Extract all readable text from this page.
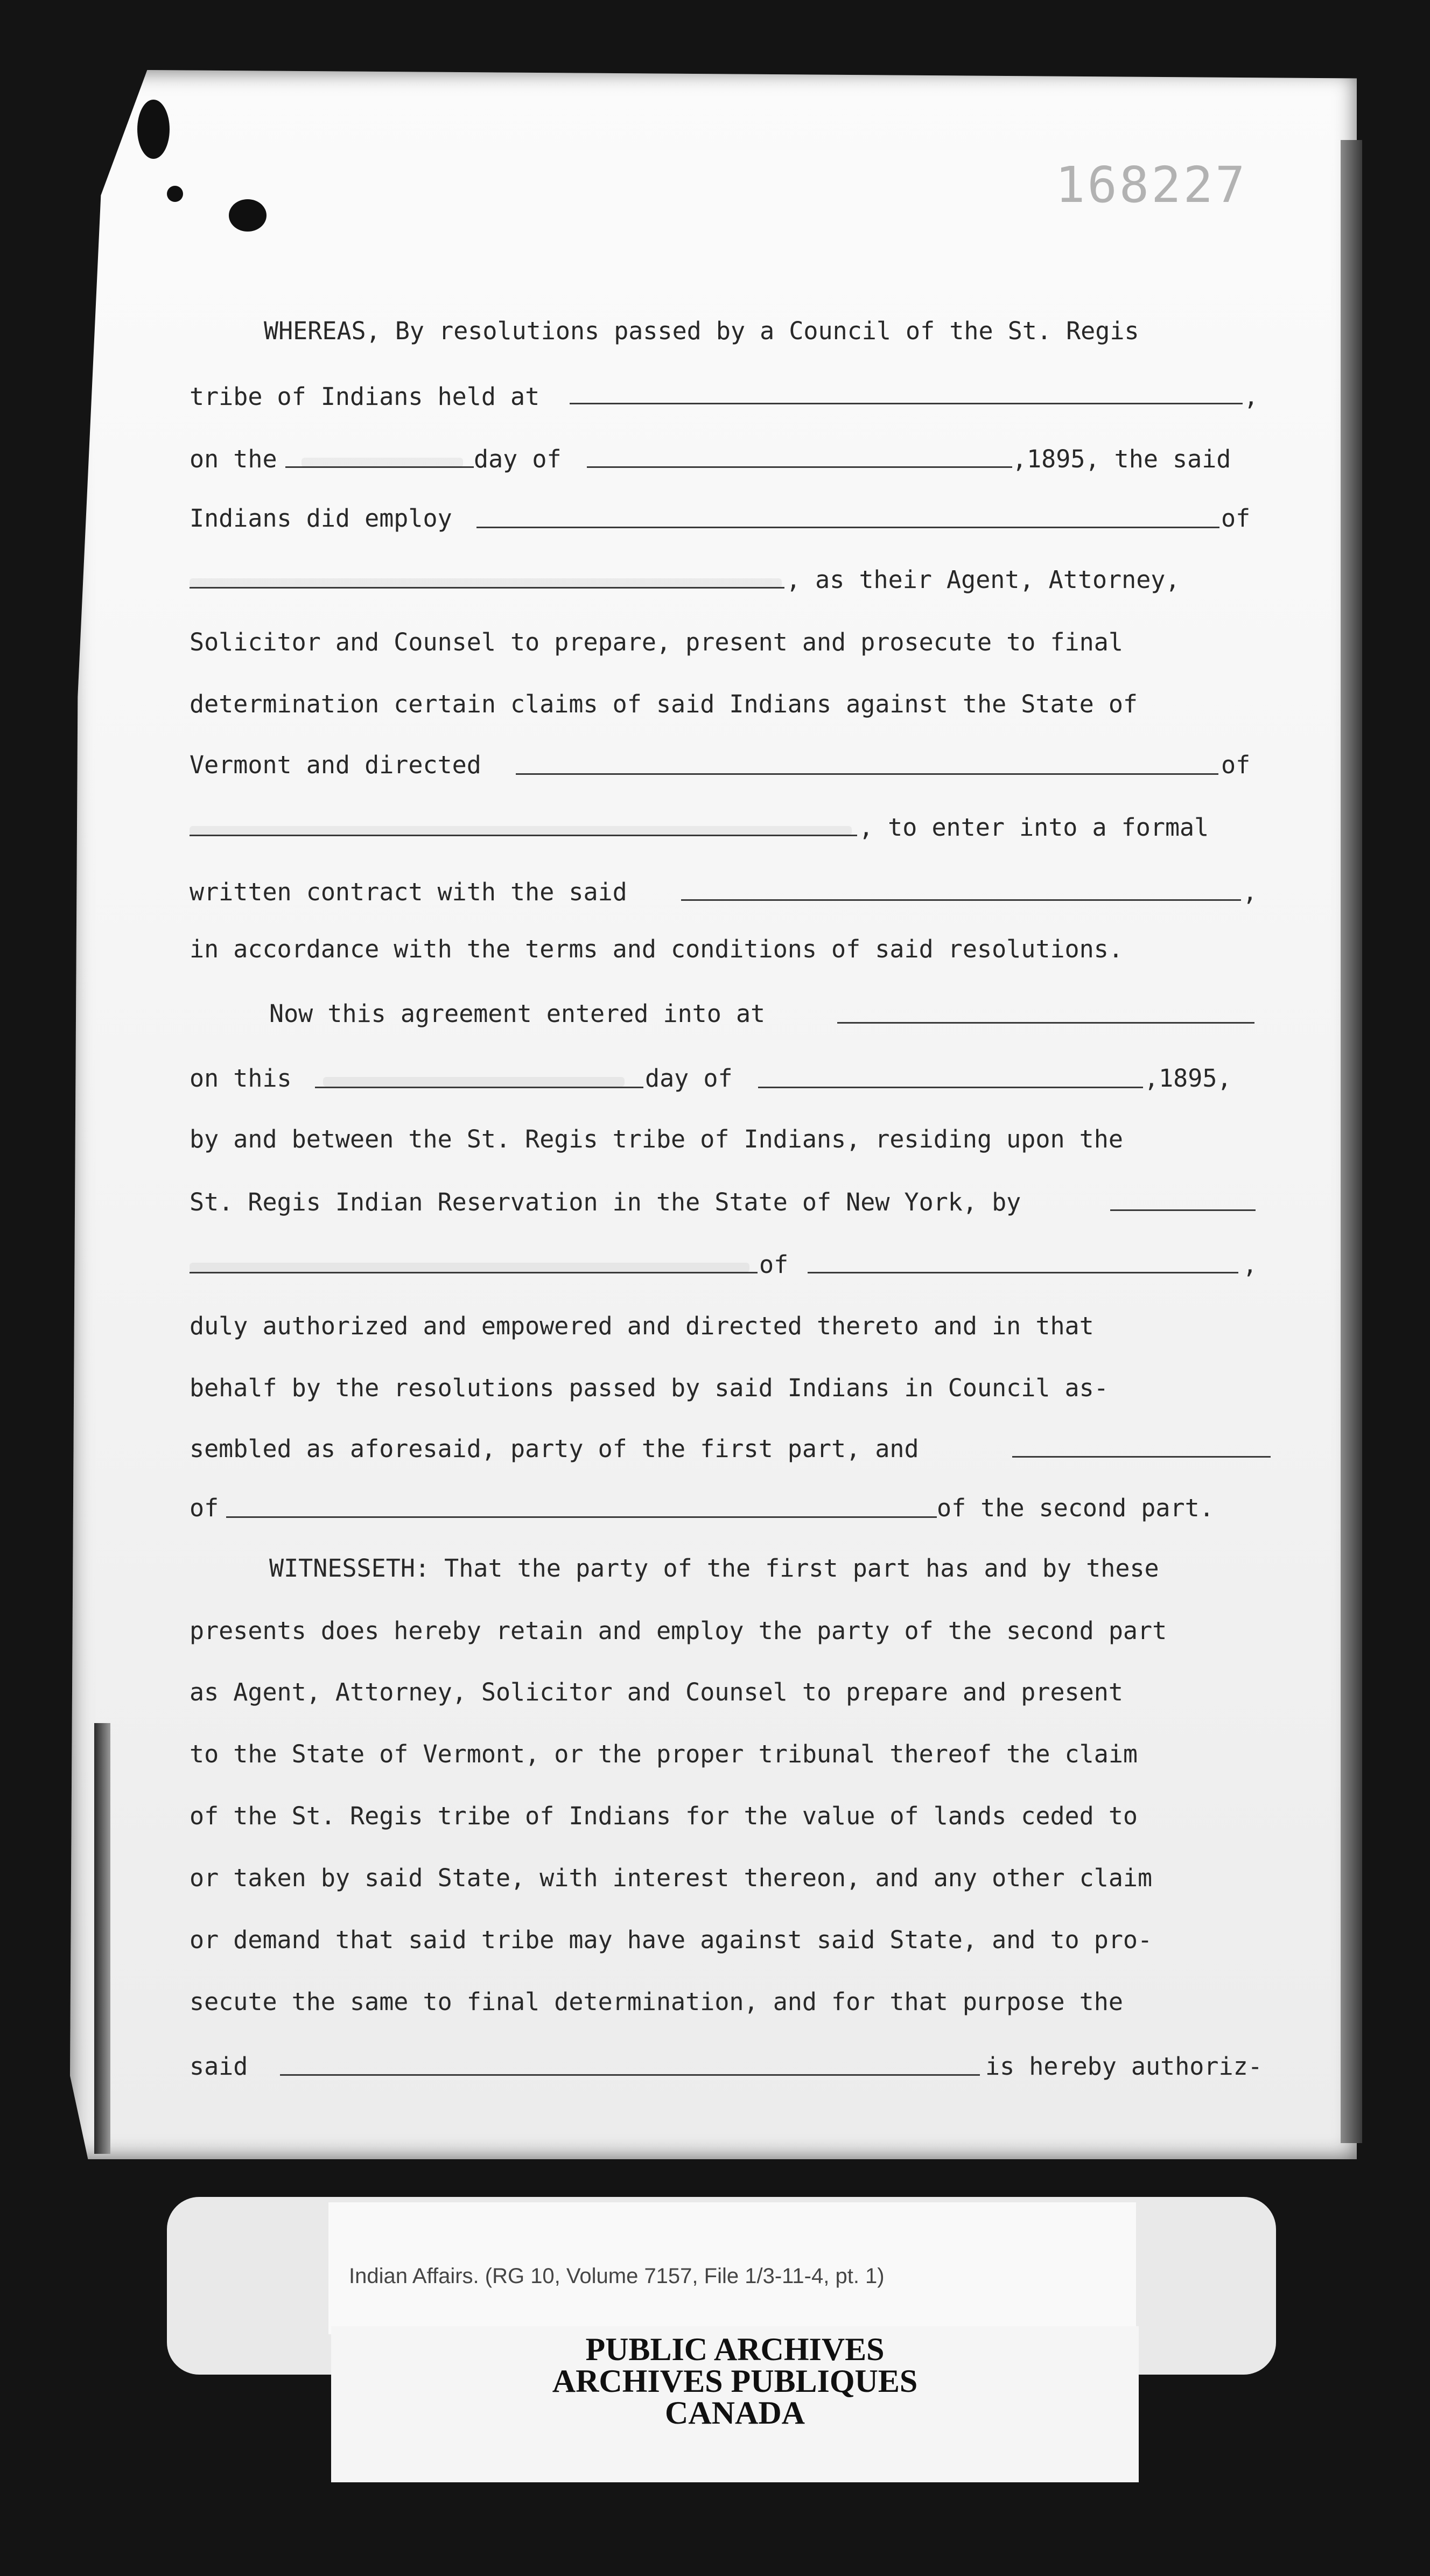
168227
WHEREAS, By resolutions passed by a Council of the St. Regis
tribe of Indians held at	,
on the	day of	,1895, the said
Indians did employ	of
, as their Agent, Attorney,
Solicitor and Counsel to prepare, present and prosecute to final
determination certain claims of said Indians against the State of
Vermont and directed	of
, to enter into a formal
written contract with the said	,
in accordance with the terms and conditions of said resolutions.
Now this agreement entered into at
on this	day of	,1895,
by and between the St. Regis tribe of Indians, residing upon the
St. Regis Indian Reservation in the State of New York, by
of	,
duly authorized and empowered and directed thereto and in that
behalf by the resolutions passed by said Indians in Council as-
sembled as aforesaid, party of the first part, and
of	of the second part.
WITNESSETH: That the party of the first part has and by these
presents does hereby retain and employ the party of the second part
as Agent, Attorney, Solicitor and Counsel to prepare and present
to the State of Vermont, or the proper tribunal thereof the claim
of the St. Regis tribe of Indians for the value of lands ceded to
or taken by said State, with interest thereon, and any other claim
or demand that said tribe may have against said State, and to pro-
secute the same to final determination, and for that purpose the
said	is hereby authoriz-
Indian Affairs. (RG 10, Volume 7157, File 1/3-11-4, pt. 1)
PUBLIC ARCHIVES
ARCHIVES PUBLIQUES
CANADA
